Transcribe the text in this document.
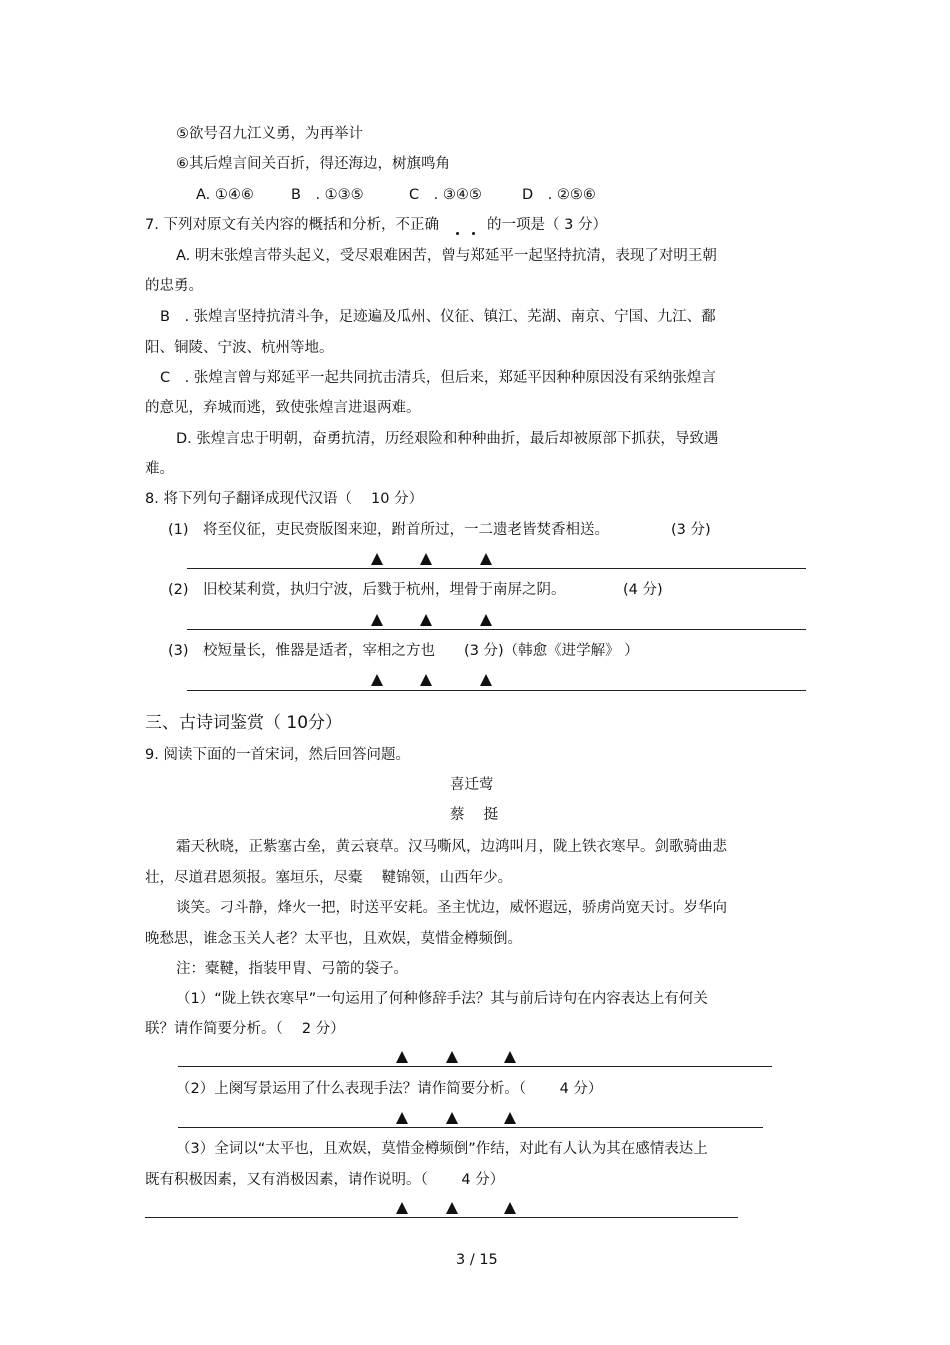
⑤欲号召九江义勇，为再举计
⑥其后煌言间关百折，得还海边，树旗鸣角
A. ①④⑥	B　. ①③⑤	C　. ③④⑤	D　. ②⑤⑥
7. 下列对原文有关内容的概括和分析，不正确	的一项是（ 3 分）
A. 明末张煌言带头起义，受尽艰难困苦，曾与郑延平一起坚持抗清，表现了对明王朝
的忠勇。
B　. 张煌言坚持抗清斗争，足迹遍及瓜州、仪征、镇江、芜湖、南京、宁国、九江、鄱
阳、铜陵、宁波、杭州等地。
C　. 张煌言曾与郑延平一起共同抗击清兵，但后来，郑延平因种种原因没有采纳张煌言
的意见，弃城而逃，致使张煌言进退两难。
D. 张煌言忠于明朝，奋勇抗清，历经艰险和种种曲折，最后却被原部下抓获，导致遇
难。
8. 将下列句子翻译成现代汉语（　 10 分）
(1)　将至仪征，吏民赍版图来迎，跗首所过，一二遗老皆焚香相送。	(3 分)
(2)　旧校某利赏，执归宁波，后戮于杭州，埋骨于南屏之阴。	(4 分)
(3)　校短量长，惟器是适者，宰相之方也　　(3 分)（韩愈《进学解》 ）
三、古诗词鉴赏（ 10分）
9. 阅读下面的一首宋词，然后回答问题。
喜迁莺
蔡　 挺
霜天秋晓，正紫塞古垒，黄云衰草。汉马嘶风，边鸿叫月，陇上铁衣寒早。剑歌骑曲悲
壮，尽道君恩须报。塞垣乐，尽橐　 鞬锦领，山西年少。
谈笑。刁斗静，烽火一把，时送平安耗。圣主忧边，威怀遐远，骄虏尚宽天讨。岁华向
晚愁思，谁念玉关人老？太平也，且欢娱，莫惜金樽频倒。
注：橐鞬，指装甲胄、弓箭的袋子。
（1）“陇上铁衣寒早”一句运用了何种修辞手法？其与前后诗句在内容表达上有何关
联？请作简要分析。（　 2 分）
（2）上阕写景运用了什么表现手法？请作简要分析。（　　 4 分）
（3）全词以“太平也，且欢娱，莫惜金樽频倒”作结，对此有人认为其在感情表达上
既有积极因素，又有消极因素，请作说明。（　　 4 分）
3 / 15
